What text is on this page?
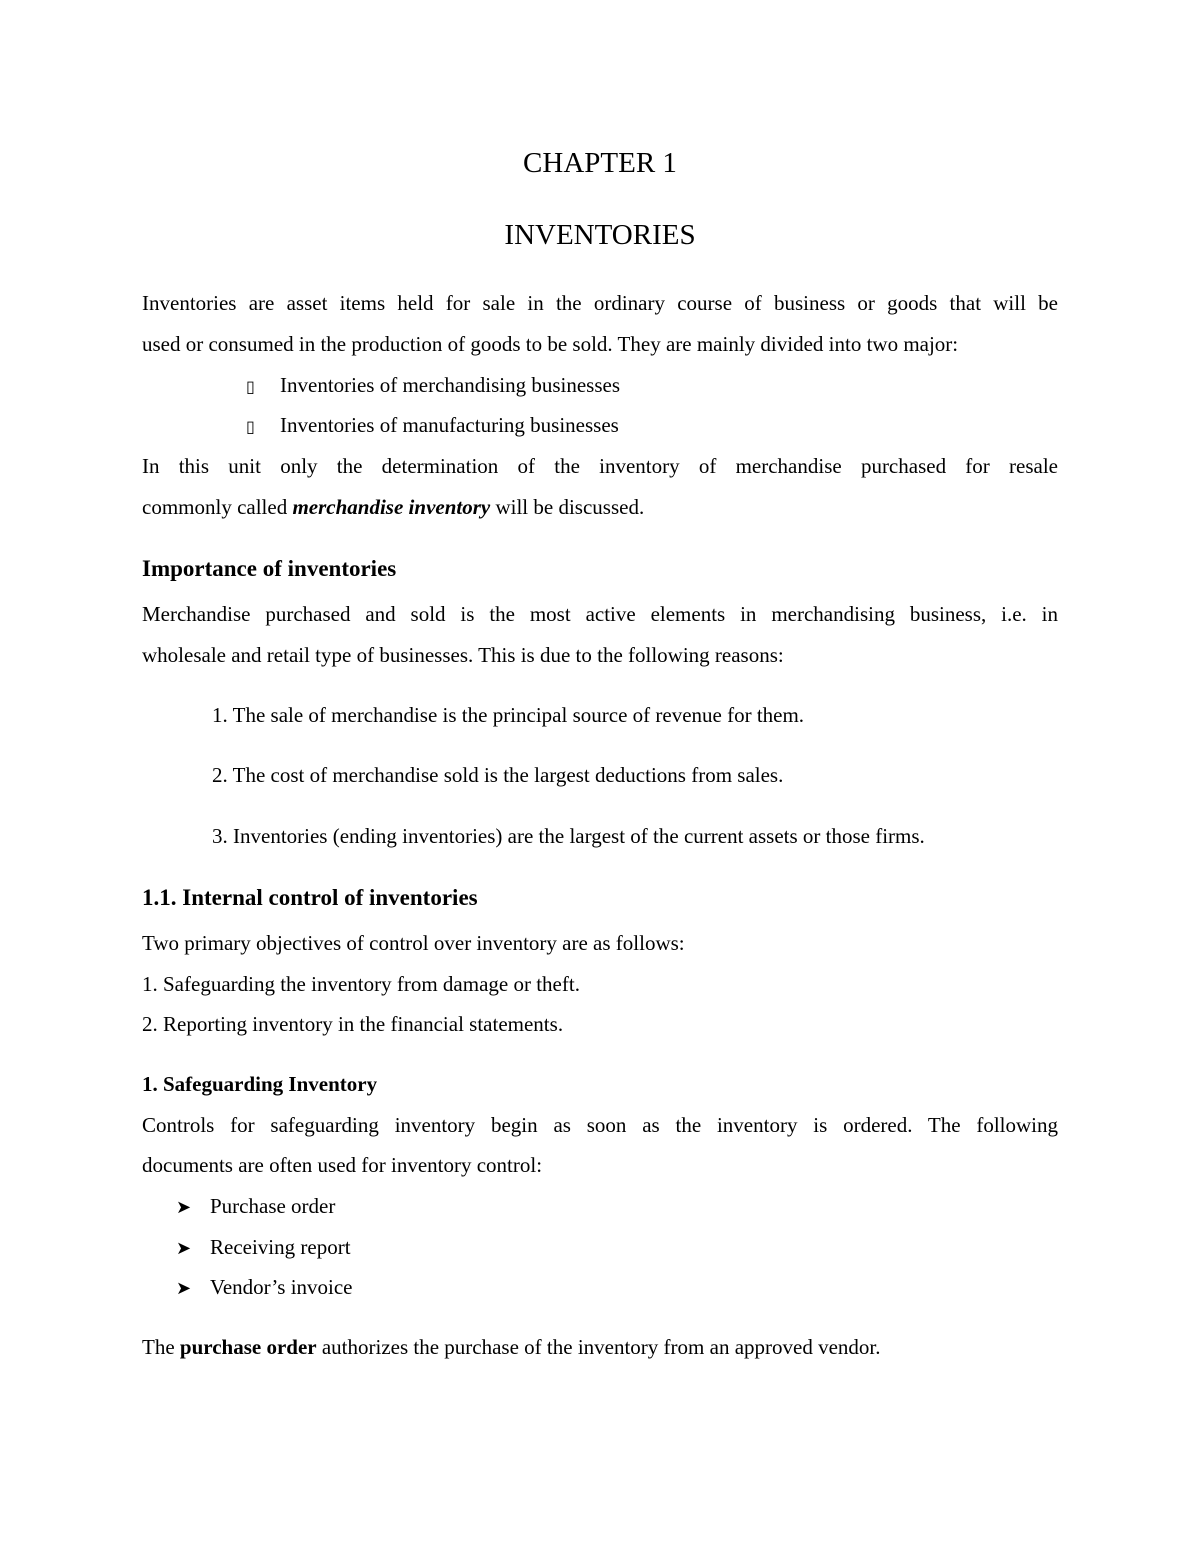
CHAPTER 1
INVENTORIES
Inventories are asset items held for sale in the ordinary course of business or goods that will be
used or consumed in the production of goods to be sold. They are mainly divided into two major:
▯ Inventories of merchandising businesses
▯ Inventories of manufacturing businesses
In this unit only the determination of the inventory of merchandise purchased for resale
commonly called merchandise inventory will be discussed.
Importance of inventories
Merchandise purchased and sold is the most active elements in merchandising business, i.e. in
wholesale and retail type of businesses. This is due to the following reasons:
1. The sale of merchandise is the principal source of revenue for them.
2. The cost of merchandise sold is the largest deductions from sales.
3. Inventories (ending inventories) are the largest of the current assets or those firms.
1.1. Internal control of inventories
Two primary objectives of control over inventory are as follows:
1. Safeguarding the inventory from damage or theft.
2. Reporting inventory in the financial statements.
1. Safeguarding Inventory
Controls for safeguarding inventory begin as soon as the inventory is ordered. The following
documents are often used for inventory control:
➤ Purchase order
➤ Receiving report
➤ Vendor’s invoice
The purchase order authorizes the purchase of the inventory from an approved vendor.
